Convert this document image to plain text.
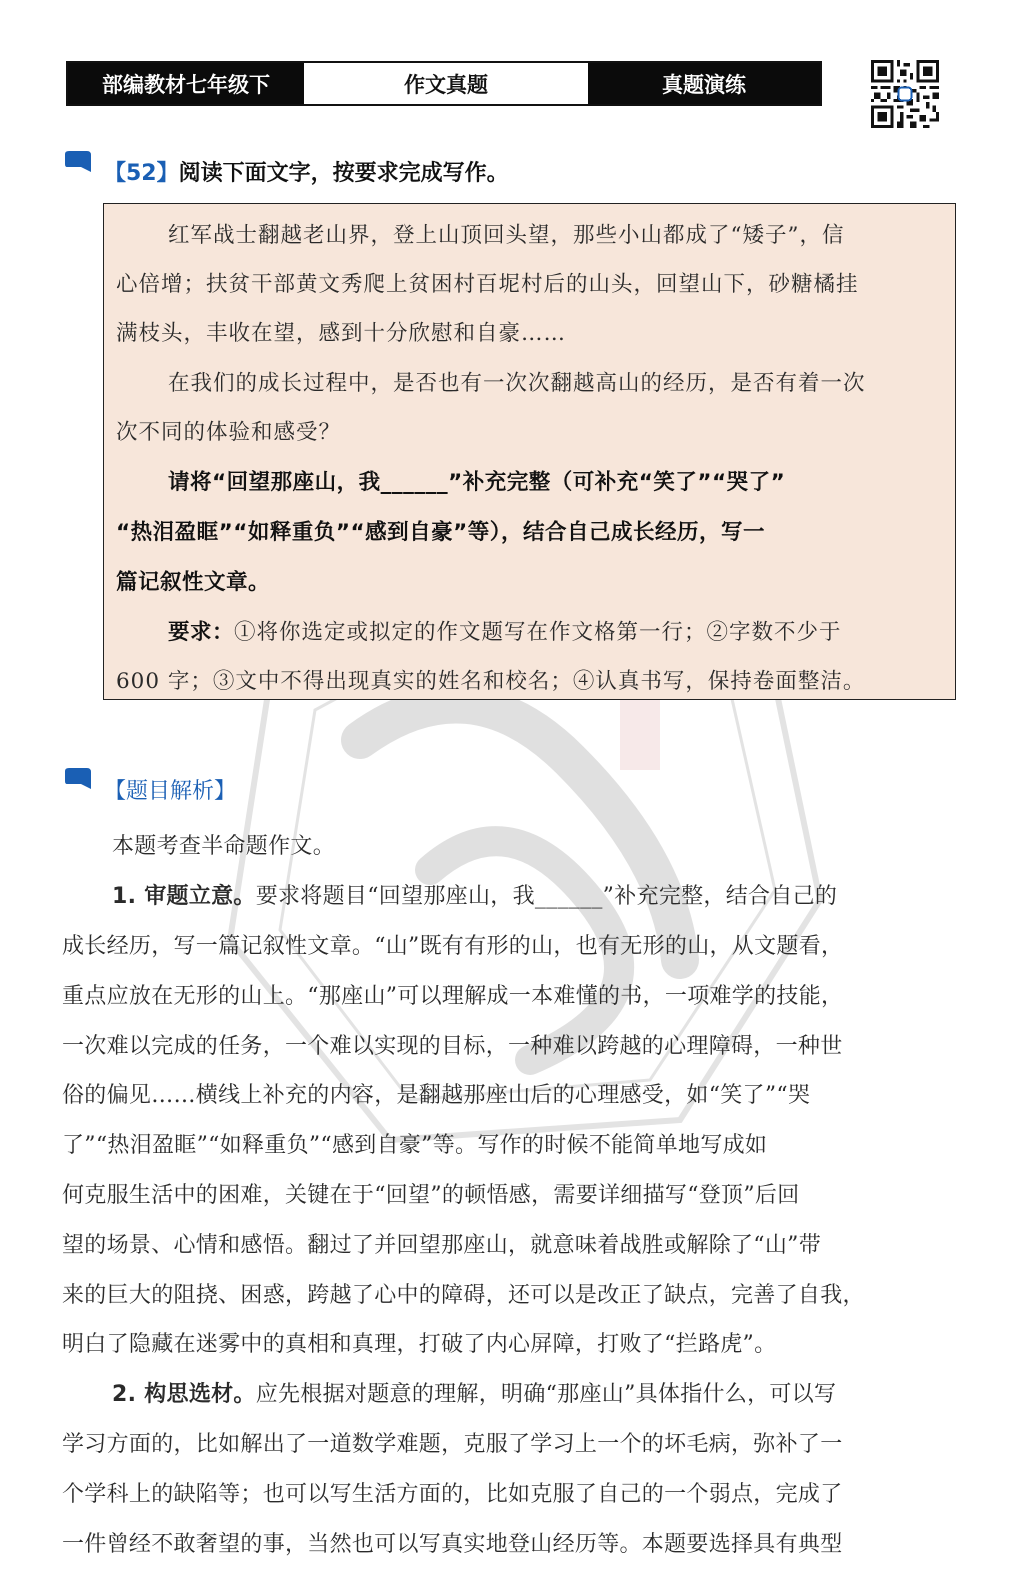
部编教材七年级下	作文真题	真题演练
【52】阅读下面文字，按要求完成写作。
红军战士翻越老山界，登上山顶回头望，那些小山都成了“矮子”，信
心倍增；扶贫干部黄文秀爬上贫困村百坭村后的山头，回望山下，砂糖橘挂
满枝头，丰收在望，感到十分欣慰和自豪……
在我们的成长过程中，是否也有一次次翻越高山的经历，是否有着一次
次不同的体验和感受？
请将“回望那座山，我______”补充完整（可补充“笑了”“哭了”
“热泪盈眶”“如释重负”“感到自豪”等），结合自己成长经历，写一
篇记叙性文章。
要求：①将你选定或拟定的作文题写在作文格第一行；②字数不少于
600 字；③文中不得出现真实的姓名和校名；④认真书写，保持卷面整洁。
【题目解析】
本题考查半命题作文。
1. 审题立意。要求将题目“回望那座山，我______”补充完整，结合自己的
成长经历，写一篇记叙性文章。“山”既有有形的山，也有无形的山，从文题看，
重点应放在无形的山上。“那座山”可以理解成一本难懂的书，一项难学的技能，
一次难以完成的任务，一个难以实现的目标，一种难以跨越的心理障碍，一种世
俗的偏见……横线上补充的内容，是翻越那座山后的心理感受，如“笑了”“哭
了”“热泪盈眶”“如释重负”“感到自豪”等。写作的时候不能简单地写成如
何克服生活中的困难，关键在于“回望”的顿悟感，需要详细描写“登顶”后回
望的场景、心情和感悟。翻过了并回望那座山，就意味着战胜或解除了“山”带
来的巨大的阻挠、困惑，跨越了心中的障碍，还可以是改正了缺点，完善了自我，
明白了隐藏在迷雾中的真相和真理，打破了内心屏障，打败了“拦路虎”。
2. 构思选材。应先根据对题意的理解，明确“那座山”具体指什么，可以写
学习方面的，比如解出了一道数学难题，克服了学习上一个的坏毛病，弥补了一
个学科上的缺陷等；也可以写生活方面的，比如克服了自己的一个弱点，完成了
一件曾经不敢奢望的事，当然也可以写真实地登山经历等。本题要选择具有典型
